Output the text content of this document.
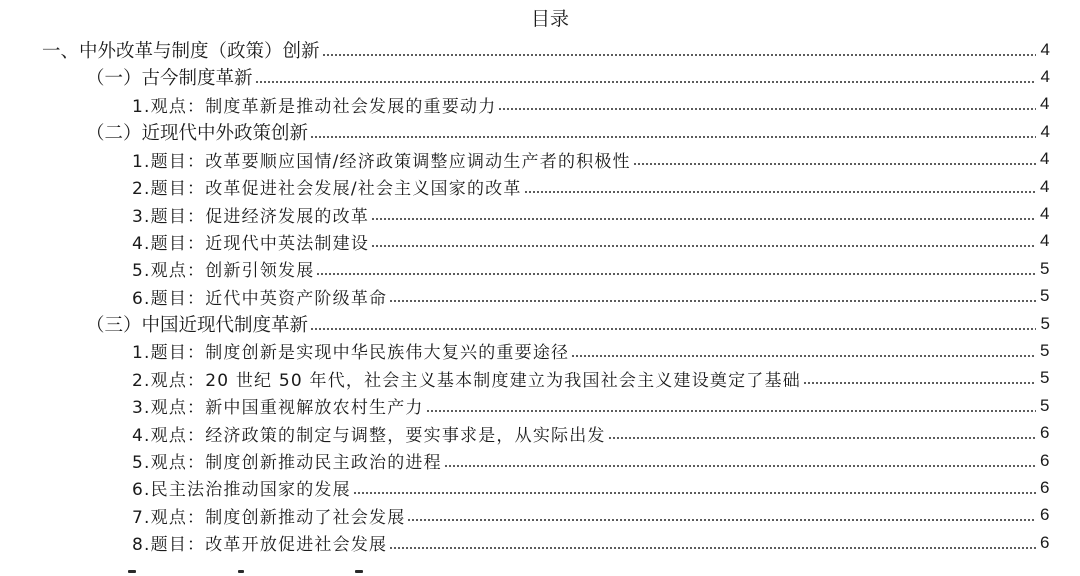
目录
一、中外改革与制度（政策）创新	4
（一）古今制度革新	4
1.观点：制度革新是推动社会发展的重要动力	4
（二）近现代中外政策创新	4
1.题目：改革要顺应国情/经济政策调整应调动生产者的积极性	4
2.题目：改革促进社会发展/社会主义国家的改革	4
3.题目：促进经济发展的改革	4
4.题目：近现代中英法制建设	4
5.观点：创新引领发展	5
6.题目：近代中英资产阶级革命	5
（三）中国近现代制度革新	5
1.题目：制度创新是实现中华民族伟大复兴的重要途径	5
2.观点：20 世纪 50 年代，社会主义基本制度建立为我国社会主义建设奠定了基础	5
3.观点：新中国重视解放农村生产力	5
4.观点：经济政策的制定与调整，要实事求是，从实际出发	6
5.观点：制度创新推动民主政治的进程	6
6.民主法治推动国家的发展	6
7.观点：制度创新推动了社会发展	6
8.题目：改革开放促进社会发展	6
